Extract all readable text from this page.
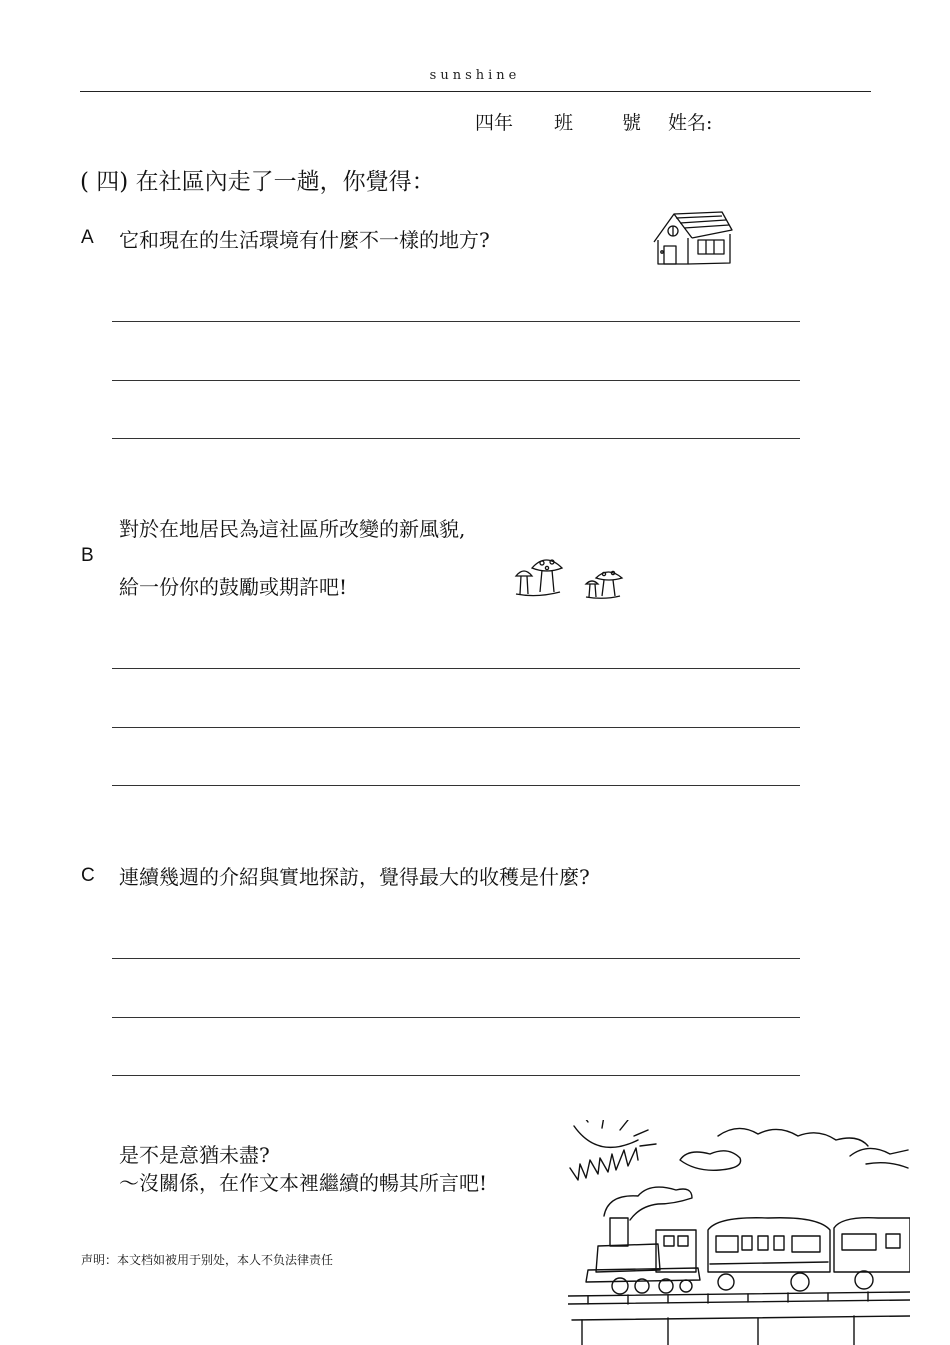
sunshine
四年 班	號 姓名:
( 四) 在社區內走了一趟，你覺得：
A 它和現在的生活環境有什麼不一樣的地方?
對於在地居民為這社區所改變的新風貌,
B
給一份你的鼓勵或期許吧!
C 連續幾週的介紹與實地探訪，覺得最大的收穫是什麼?
是不是意猶未盡?
～沒關係，在作文本裡繼續的暢其所言吧!
声明：本文档如被用于别处，本人不负法律责任
